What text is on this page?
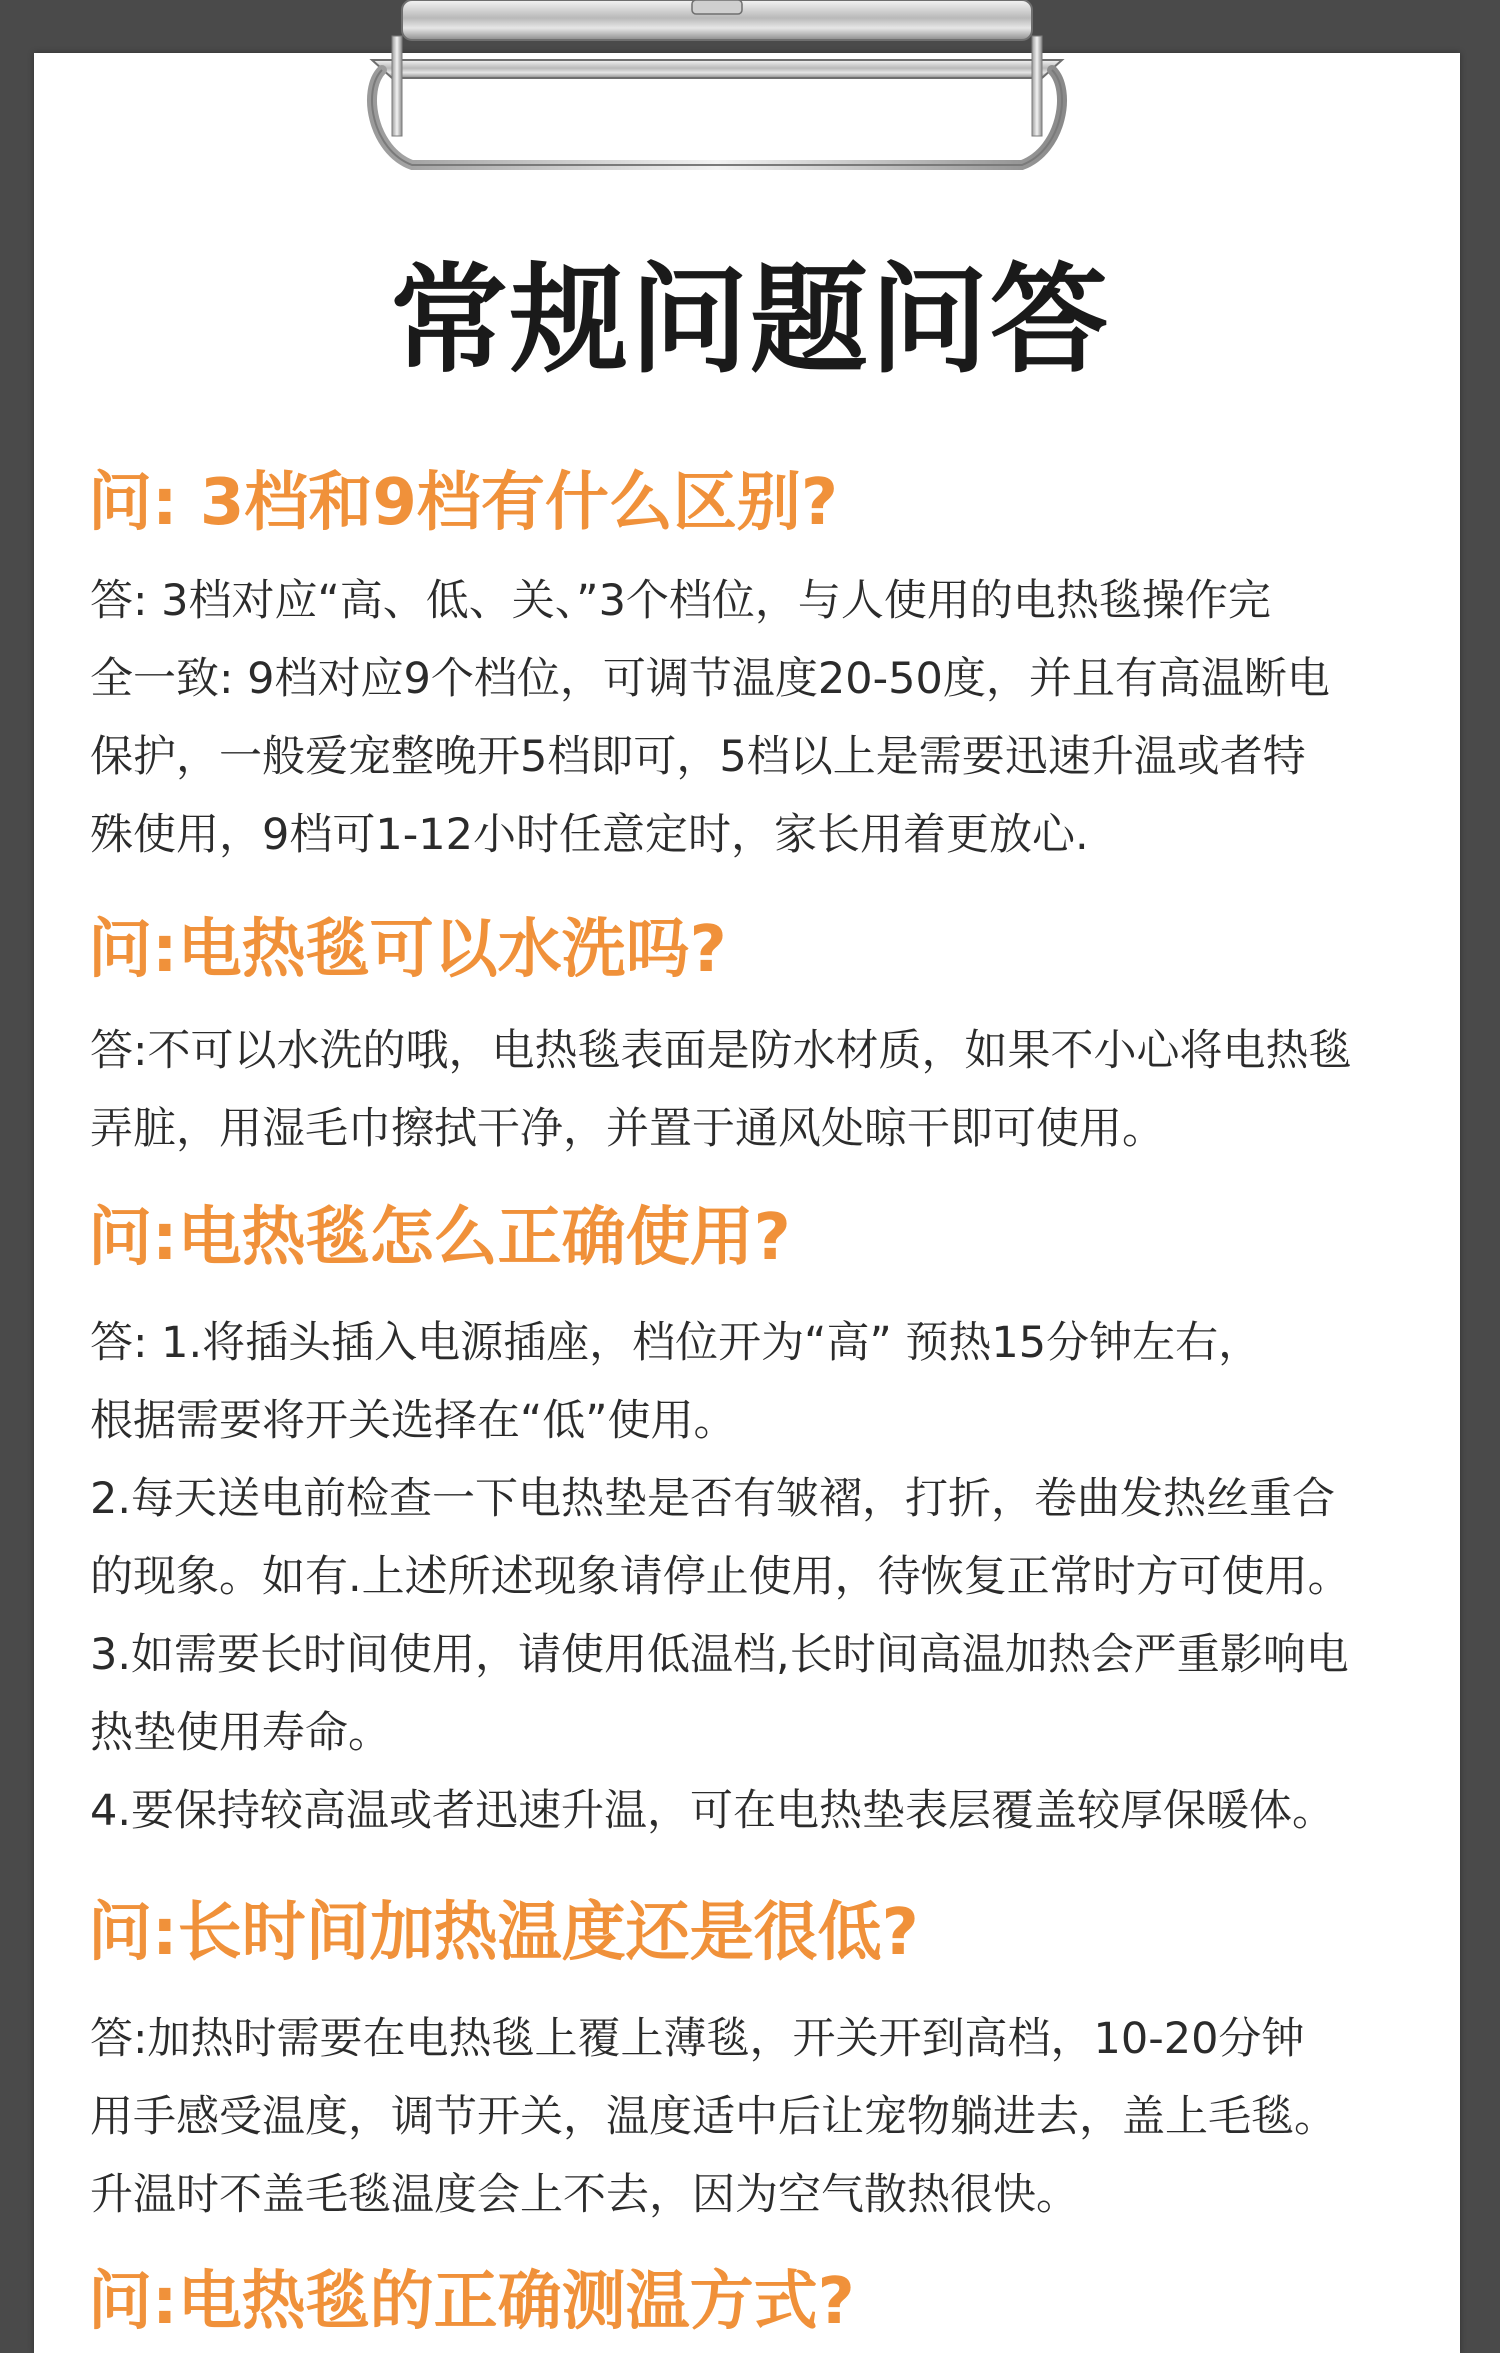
常规问题问答
问: 3档和9档有什么区别?
答: 3档对应“高、低、关、”3个档位，与人使用的电热毯操作完
全一致: 9档对应9个档位，可调节温度20-50度，并且有高温断电
保护，一般爱宠整晚开5档即可，5档以上是需要迅速升温或者特
殊使用，9档可1-12小时任意定时，家长用着更放心.
问:电热毯可以水洗吗?
答:不可以水洗的哦，电热毯表面是防水材质，如果不小心将电热毯
弄脏，用湿毛巾擦拭干净，并置于通风处晾干即可使用。
问:电热毯怎么正确使用?
答: 1.将插头插入电源插座，档位开为“高” 预热15分钟左右，
根据需要将开关选择在“低”使用。
2.每天送电前检查一下电热垫是否有皱褶，打折，卷曲发热丝重合
的现象。如有.上述所述现象请停止使用，待恢复正常时方可使用。
3.如需要长时间使用，请使用低温档,长时间高温加热会严重影响电
热垫使用寿命。
4.要保持较高温或者迅速升温，可在电热垫表层覆盖较厚保暖体。
问:长时间加热温度还是很低?
答:加热时需要在电热毯上覆上薄毯，开关开到高档，10-20分钟
用手感受温度，调节开关，温度适中后让宠物躺进去，盖上毛毯。
升温时不盖毛毯温度会上不去，因为空气散热很快。
问:电热毯的正确测温方式?
